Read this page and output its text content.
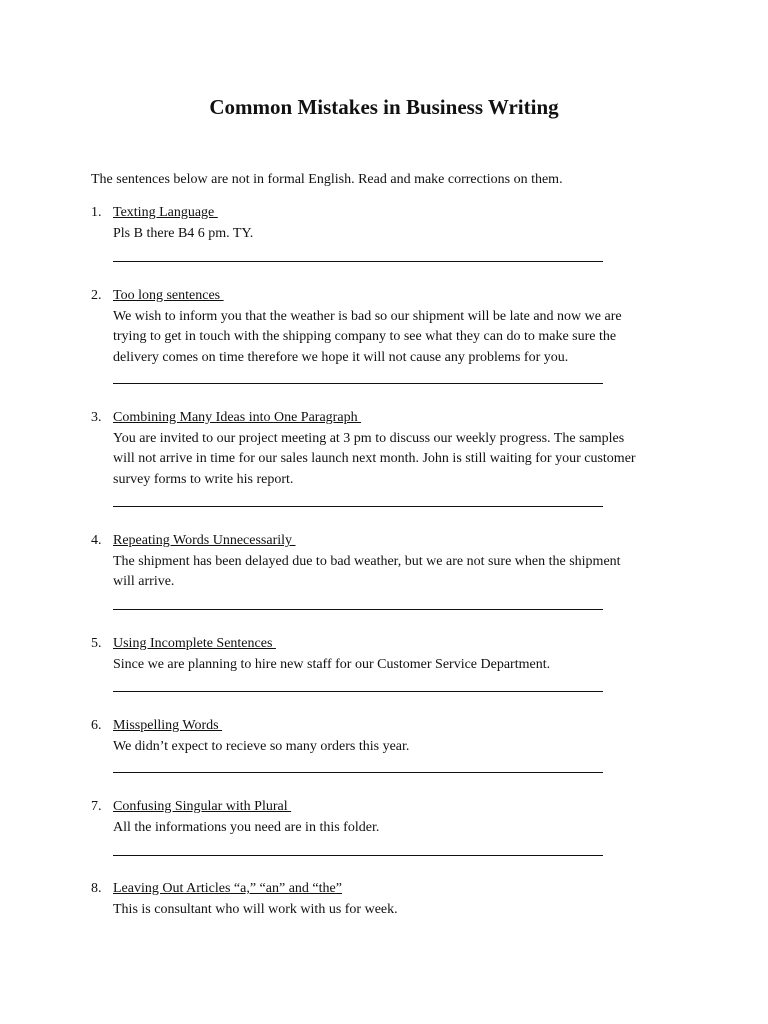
Common Mistakes in Business Writing

The sentences below are not in formal English. Read and make corrections on them.

1. Texting Language
Pls B there B4 6 pm. TY.
2. Too long sentences
We wish to inform you that the weather is bad so our shipment will be late and now we are
trying to get in touch with the shipping company to see what they can do to make sure the
delivery comes on time therefore we hope it will not cause any problems for you.
3. Combining Many Ideas into One Paragraph
You are invited to our project meeting at 3 pm to discuss our weekly progress. The samples
will not arrive in time for our sales launch next month. John is still waiting for your customer
survey forms to write his report.
4. Repeating Words Unnecessarily
The shipment has been delayed due to bad weather, but we are not sure when the shipment
will arrive.
5. Using Incomplete Sentences
Since we are planning to hire new staff for our Customer Service Department.
6. Misspelling Words
We didn’t expect to recieve so many orders this year.
7. Confusing Singular with Plural
All the informations you need are in this folder.
8. Leaving Out Articles “a,” “an” and “the”
This is consultant who will work with us for week.
